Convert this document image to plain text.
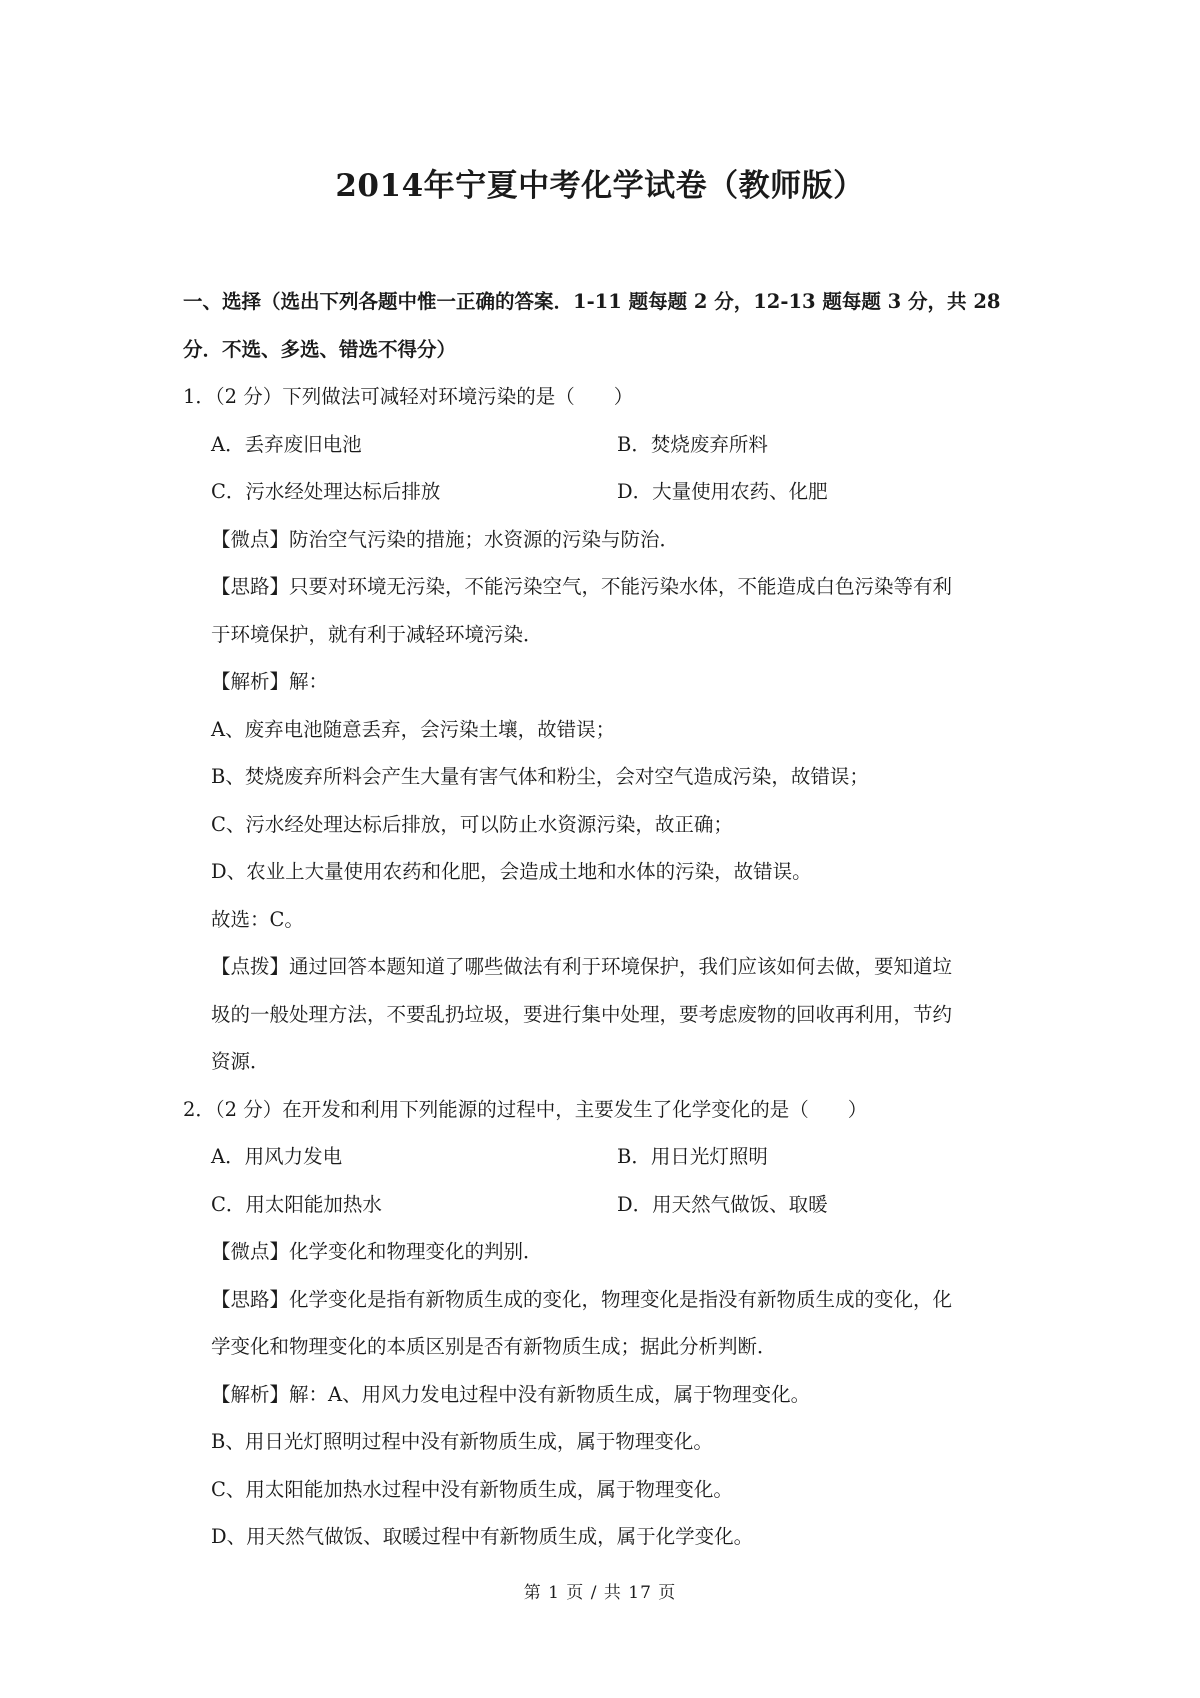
2014年宁夏中考化学试卷（教师版）
一、选择（选出下列各题中惟一正确的答案．1-11 题每题 2 分，12-13 题每题 3 分，共 28
分．不选、多选、错选不得分）
1．（2 分）下列做法可减轻对环境污染的是（　　）
A．丢弃废旧电池	B．焚烧废弃所料
C．污水经处理达标后排放	D．大量使用农药、化肥
【微点】防治空气污染的措施；水资源的污染与防治．
【思路】只要对环境无污染，不能污染空气，不能污染水体，不能造成白色污染等有利
于环境保护，就有利于减轻环境污染．
【解析】解：
A、废弃电池随意丢弃，会污染土壤，故错误；
B、焚烧废弃所料会产生大量有害气体和粉尘，会对空气造成污染，故错误；
C、污水经处理达标后排放，可以防止水资源污染，故正确；
D、农业上大量使用农药和化肥，会造成土地和水体的污染，故错误。
故选：C。
【点拨】通过回答本题知道了哪些做法有利于环境保护，我们应该如何去做，要知道垃
圾的一般处理方法，不要乱扔垃圾，要进行集中处理，要考虑废物的回收再利用，节约
资源．
2．（2 分）在开发和利用下列能源的过程中，主要发生了化学变化的是（　　）
A．用风力发电	B．用日光灯照明
C．用太阳能加热水	D．用天然气做饭、取暖
【微点】化学变化和物理变化的判别．
【思路】化学变化是指有新物质生成的变化，物理变化是指没有新物质生成的变化，化
学变化和物理变化的本质区别是否有新物质生成；据此分析判断．
【解析】解：A、用风力发电过程中没有新物质生成，属于物理变化。
B、用日光灯照明过程中没有新物质生成，属于物理变化。
C、用太阳能加热水过程中没有新物质生成，属于物理变化。
D、用天然气做饭、取暖过程中有新物质生成，属于化学变化。
第 1 页 / 共 17 页
